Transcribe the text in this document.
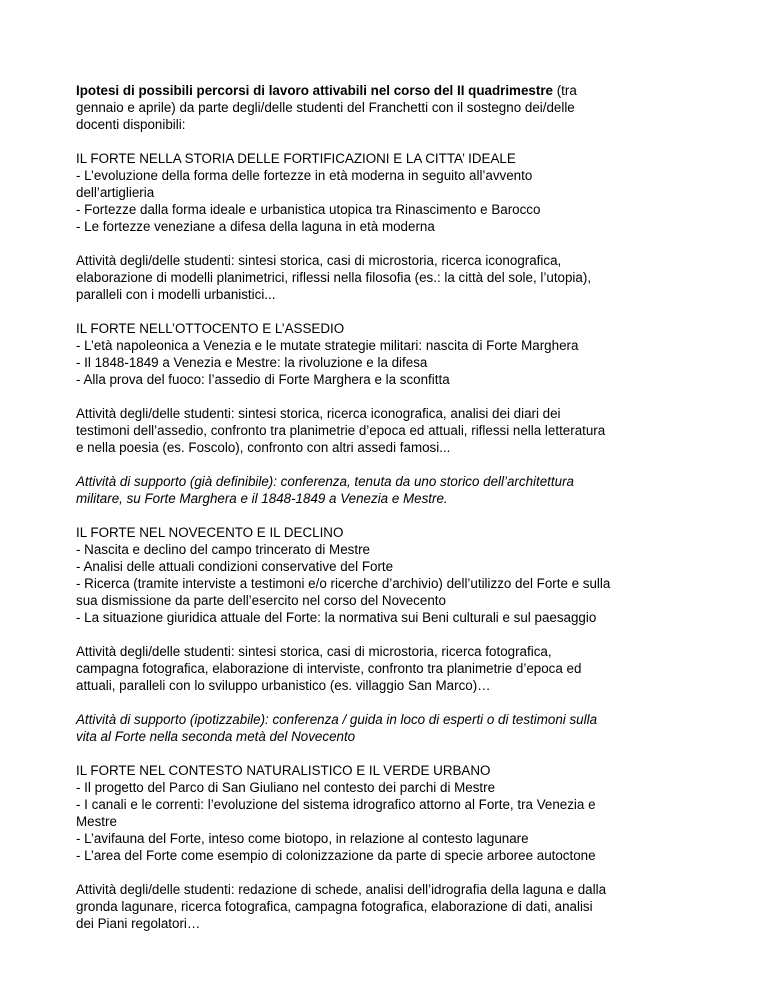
Ipotesi di possibili percorsi di lavoro attivabili nel corso del II quadrimestre (tra
gennaio e aprile) da parte degli/delle studenti del Franchetti con il sostegno dei/delle
docenti disponibili:
IL FORTE NELLA STORIA DELLE FORTIFICAZIONI E LA CITTA’ IDEALE
- L’evoluzione della forma delle fortezze in età moderna in seguito all’avvento
dell’artiglieria
- Fortezze dalla forma ideale e urbanistica utopica tra Rinascimento e Barocco
- Le fortezze veneziane a difesa della laguna in età moderna
Attività degli/delle studenti: sintesi storica, casi di microstoria, ricerca iconografica,
elaborazione di modelli planimetrici, riflessi nella filosofia (es.: la città del sole, l’utopia),
paralleli con i modelli urbanistici...
IL FORTE NELL’OTTOCENTO E L’ASSEDIO
- L’età napoleonica a Venezia e le mutate strategie militari: nascita di Forte Marghera
- Il 1848-1849 a Venezia e Mestre: la rivoluzione e la difesa
- Alla prova del fuoco: l’assedio di Forte Marghera e la sconfitta
Attività degli/delle studenti: sintesi storica, ricerca iconografica, analisi dei diari dei
testimoni dell’assedio, confronto tra planimetrie d’epoca ed attuali, riflessi nella letteratura
e nella poesia (es. Foscolo), confronto con altri assedi famosi...
Attività di supporto (già definibile): conferenza, tenuta da uno storico dell’architettura
militare, su Forte Marghera e il 1848-1849 a Venezia e Mestre.
IL FORTE NEL NOVECENTO E IL DECLINO
- Nascita e declino del campo trincerato di Mestre
- Analisi delle attuali condizioni conservative del Forte
- Ricerca (tramite interviste a testimoni e/o ricerche d’archivio) dell’utilizzo del Forte e sulla
sua dismissione da parte dell’esercito nel corso del Novecento
- La situazione giuridica attuale del Forte: la normativa sui Beni culturali e sul paesaggio
Attività degli/delle studenti: sintesi storica, casi di microstoria, ricerca fotografica,
campagna fotografica, elaborazione di interviste, confronto tra planimetrie d’epoca ed
attuali, paralleli con lo sviluppo urbanistico (es. villaggio San Marco)…
Attività di supporto (ipotizzabile): conferenza / guida in loco di esperti o di testimoni sulla
vita al Forte nella seconda metà del Novecento
IL FORTE NEL CONTESTO NATURALISTICO E IL VERDE URBANO
- Il progetto del Parco di San Giuliano nel contesto dei parchi di Mestre
- I canali e le correnti: l’evoluzione del sistema idrografico attorno al Forte, tra Venezia e
Mestre
- L’avifauna del Forte, inteso come biotopo, in relazione al contesto lagunare
- L’area del Forte come esempio di colonizzazione da parte di specie arboree autoctone
Attività degli/delle studenti: redazione di schede, analisi dell’idrografia della laguna e dalla
gronda lagunare, ricerca fotografica, campagna fotografica, elaborazione di dati, analisi
dei Piani regolatori…
